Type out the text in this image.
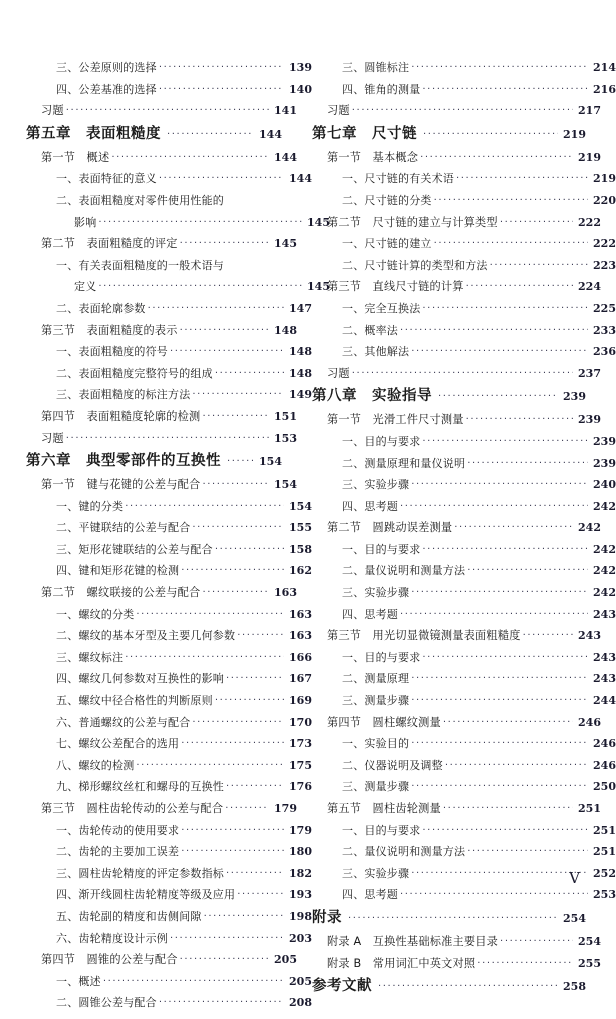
三、公差原则的选择 ·····	139
四、公差基准的选择 ·····	140
习题 ·····	141
第五章　表面粗糙度 ·····	144
第一节　概述 ·····	144
一、表面特征的意义 ·····	144
二、表面粗糙度对零件使用性能的
影响 ·····	145
第二节　表面粗糙度的评定 ·····	145
一、有关表面粗糙度的一般术语与
定义 ·····	145
二、表面轮廓参数 ·····	147
第三节　表面粗糙度的表示 ·····	148
一、表面粗糙度的符号 ·····	148
二、表面粗糙度完整符号的组成 ·····	148
三、表面粗糙度的标注方法 ·····	149
第四节　表面粗糙度轮廓的检测 ·····	151
习题 ·····	153
第六章　典型零部件的互换性 ·····	154
第一节　键与花键的公差与配合 ·····	154
一、键的分类 ·····	154
二、平键联结的公差与配合 ·····	155
三、矩形花键联结的公差与配合 ·····	158
四、键和矩形花键的检测 ·····	162
第二节　螺纹联接的公差与配合 ·····	163
一、螺纹的分类 ·····	163
二、螺纹的基本牙型及主要几何参数 ·····	163
三、螺纹标注 ·····	166
四、螺纹几何参数对互换性的影响 ·····	167
五、螺纹中径合格性的判断原则 ·····	169
六、普通螺纹的公差与配合 ·····	170
七、螺纹公差配合的选用 ·····	173
八、螺纹的检测 ·····	175
九、梯形螺纹丝杠和螺母的互换性 ·····	176
第三节　圆柱齿轮传动的公差与配合 ·····	179
一、齿轮传动的使用要求 ·····	179
二、齿轮的主要加工误差 ·····	180
三、圆柱齿轮精度的评定参数指标 ·····	182
四、渐开线圆柱齿轮精度等级及应用 ·····	193
五、齿轮副的精度和齿侧间隙 ·····	198
六、齿轮精度设计示例 ·····	203
第四节　圆锥的公差与配合 ·····	205
一、概述 ·····	205
二、圆锥公差与配合 ·····	208
三、圆锥标注 ·····	214
四、锥角的测量 ·····	216
习题 ·····	217
第七章　尺寸链 ·····	219
第一节　基本概念 ·····	219
一、尺寸链的有关术语 ·····	219
二、尺寸链的分类 ·····	220
第二节　尺寸链的建立与计算类型 ·····	222
一、尺寸链的建立 ·····	222
二、尺寸链计算的类型和方法 ·····	223
第三节　直线尺寸链的计算 ·····	224
一、完全互换法 ·····	225
二、概率法 ·····	233
三、其他解法 ·····	236
习题 ·····	237
第八章　实验指导 ·····	239
第一节　光滑工件尺寸测量 ·····	239
一、目的与要求 ·····	239
二、测量原理和量仪说明 ·····	239
三、实验步骤 ·····	240
四、思考题 ·····	242
第二节　圆跳动误差测量 ·····	242
一、目的与要求 ·····	242
二、量仪说明和测量方法 ·····	242
三、实验步骤 ·····	242
四、思考题 ·····	243
第三节　用光切显微镜测量表面粗糙度 ·····	243
一、目的与要求 ·····	243
二、测量原理 ·····	243
三、测量步骤 ·····	244
第四节　圆柱螺纹测量 ·····	246
一、实验目的 ·····	246
二、仪器说明及调整 ·····	246
三、测量步骤 ·····	250
第五节　圆柱齿轮测量 ·····	251
一、目的与要求 ·····	251
二、量仪说明和测量方法 ·····	251
三、实验步骤 ·····	252
四、思考题 ·····	253
附录 ·····	254
附录 A　互换性基础标准主要目录 ·····	254
附录 B　常用词汇中英文对照 ·····	255
参考文献 ·····	258
V
